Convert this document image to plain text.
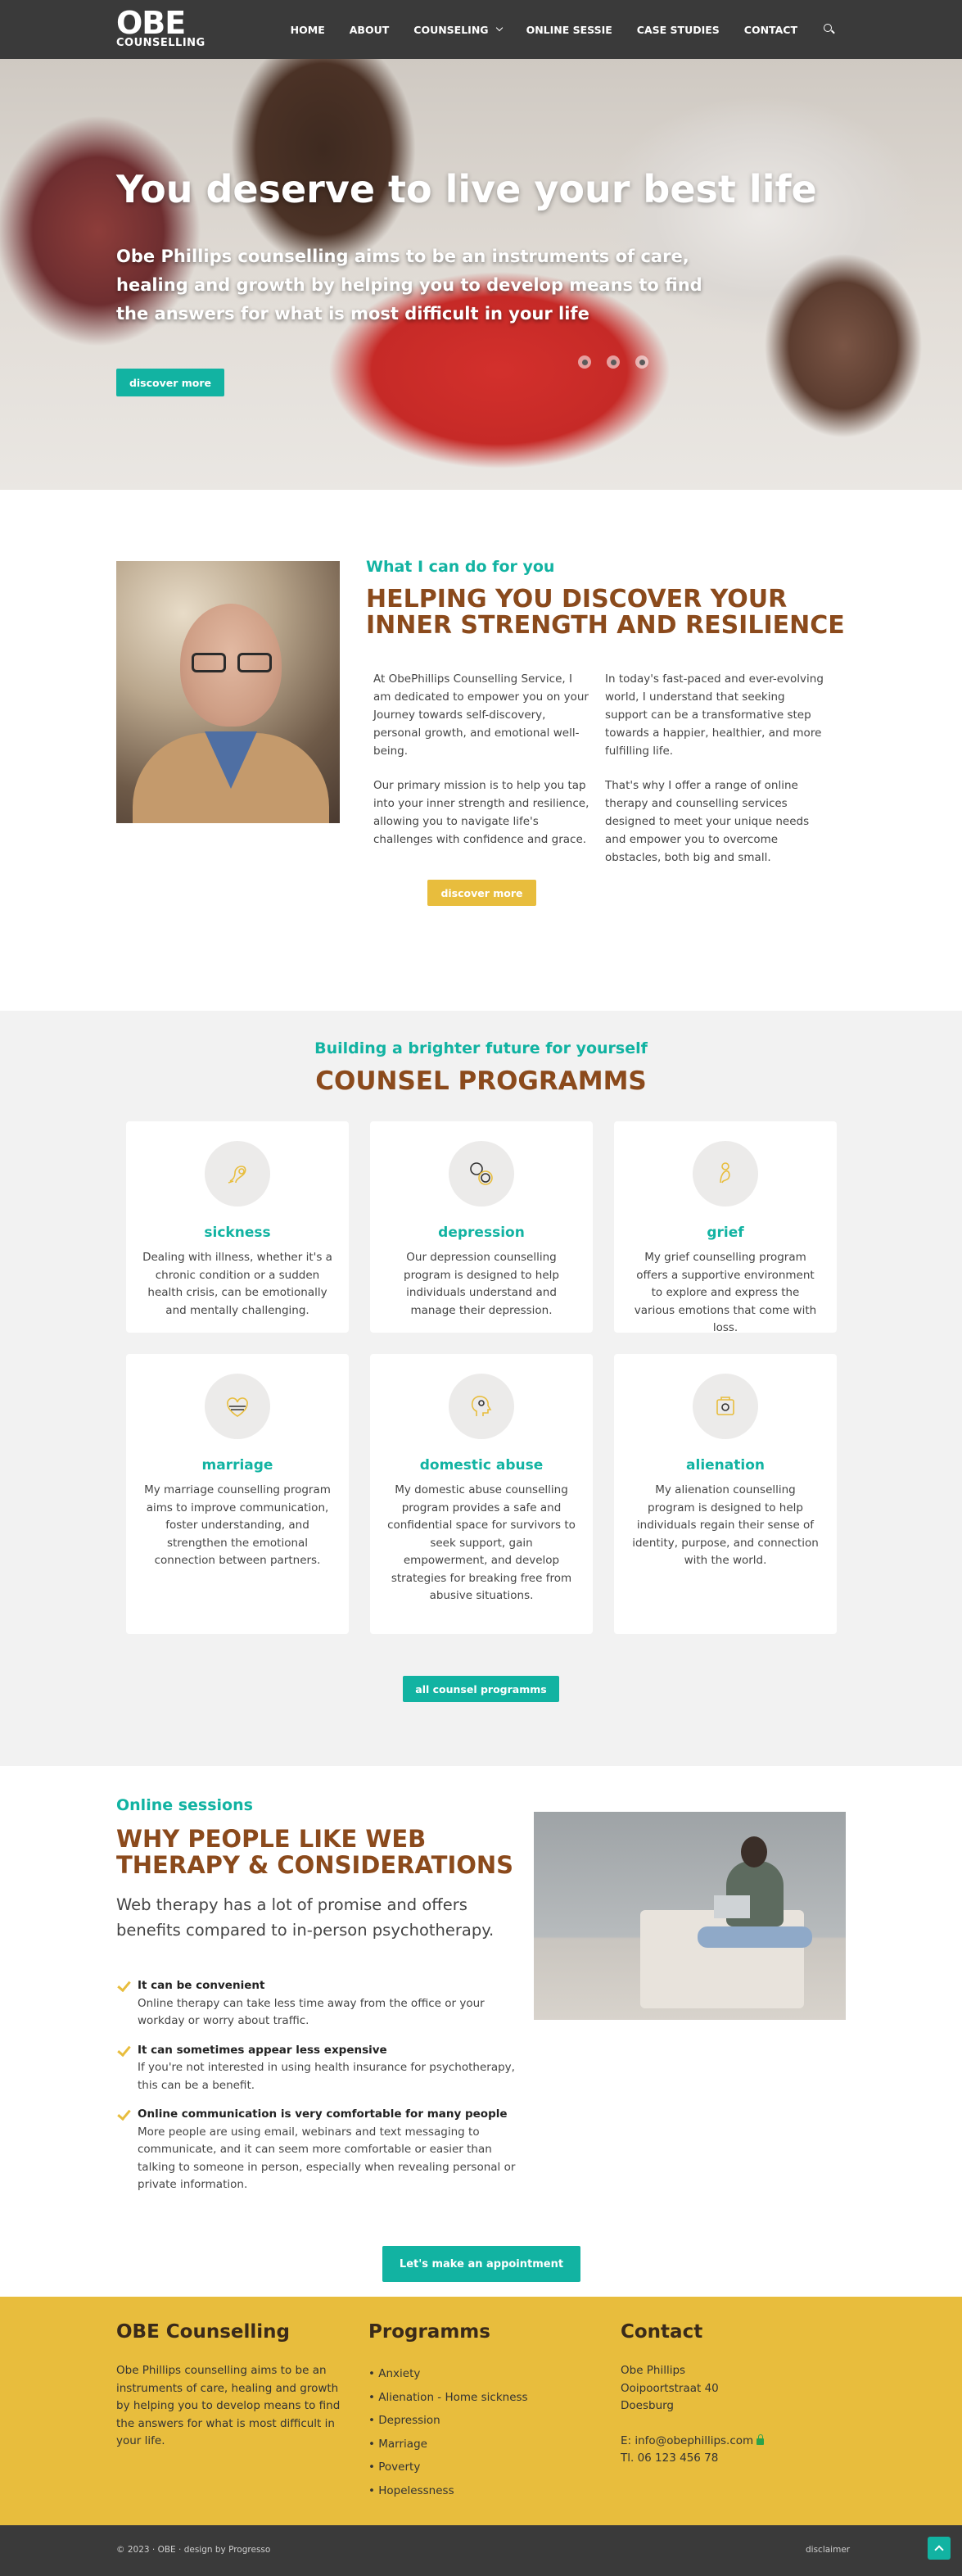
OBE
COUNSELLING
HOME ABOUT COUNSELING	ONLINE SESSIE CASE STUDIES CONTACT
You deserve to live your best life
Obe Phillips counselling aims to be an instruments of care, healing and growth by helping you to develop means to find the answers for what is most difficult in your life
discover more
What I can do for you
HELPING YOU DISCOVER YOUR INNER STRENGTH AND RESILIENCE

At ObePhillips Counselling Service, I am dedicated to empower you on your Journey towards self-discovery, personal growth, and emotional well-being.

Our primary mission is to help you tap into your inner strength and resilience, allowing you to navigate life's challenges with confidence and grace.

In today's fast-paced and ever-evolving world, I understand that seeking support can be a transformative step towards a happier, healthier, and more fulfilling life.

That's why I offer a range of online therapy and counselling services designed to meet your unique needs and empower you to overcome obstacles, both big and small.

discover more
Building a brighter future for yourself
COUNSEL PROGRAMMS
sickness
Dealing with illness, whether it's a chronic condition or a sudden health crisis, can be emotionally and mentally challenging.
depression
Our depression counselling program is designed to help individuals understand and manage their depression.
grief
My grief counselling program offers a supportive environment to explore and express the various emotions that come with loss.
marriage
My marriage counselling program aims to improve communication, foster understanding, and strengthen the emotional connection between partners.
domestic abuse
My domestic abuse counselling program provides a safe and confidential space for survivors to seek support, gain empowerment, and develop strategies for breaking free from abusive situations.
alienation
My alienation counselling program is designed to help individuals regain their sense of identity, purpose, and connection with the world.
all counsel programms
Online sessions
WHY PEOPLE LIKE WEB THERAPY & CONSIDERATIONS
Web therapy has a lot of promise and offers benefits compared to in-person psychotherapy.
It can be convenient
Online therapy can take less time away from the office or your workday or worry about traffic.
It can sometimes appear less expensive
If you're not interested in using health insurance for psychotherapy, this can be a benefit.
Online communication is very comfortable for many people More people are using email, webinars and text messaging to communicate, and it can seem more comfortable or easier than talking to someone in person, especially when revealing personal or private information.
Let's make an appointment
OBE Counselling
Obe Phillips counselling aims to be an instruments of care, healing and growth by helping you to develop means to find the answers for what is most difficult in your life.
Programms
• Anxiety
• Alienation - Home sickness
• Depression
• Marriage
• Poverty
• Hopelessness
Contact
Obe Phillips
Ooipoortstraat 40
Doesburg
E: info@obephillips.com
Tl. 06 123 456 78
© 2023 · OBE · design by Progresso	disclaimer
